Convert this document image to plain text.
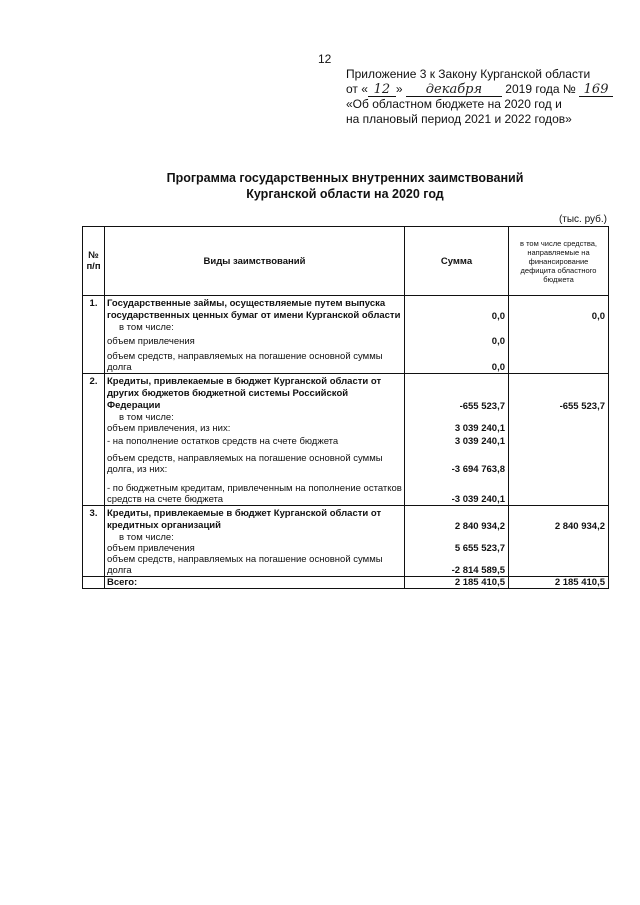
12
Приложение 3 к Закону Курганской области
от « 12 » декабря 2019 года № 169
«Об областном бюджете на 2020 год и
на плановый период 2021 и 2022 годов»
Программа государственных внутренних заимствований
Курганской области на 2020 год
(тыс. руб.)
№ п/п	Виды заимствований	Сумма	в том числе средства, направляемые на финансирование дефицита областного бюджета
1.	Государственные займы, осуществляемые путем выпуска государственных ценных бумаг от имени Курганской области	0,0	0,0
	в том числе:		
	объем привлечения	0,0	
	объем средств, направляемых на погашение основной суммы долга	0,0	
2.	Кредиты, привлекаемые в бюджет Курганской области от других бюджетов бюджетной системы Российской Федерации	-655 523,7	-655 523,7
	в том числе:		
	объем привлечения, из них:	3 039 240,1	
	- на пополнение остатков средств на счете бюджета	3 039 240,1	
	объем средств, направляемых на погашение основной суммы долга, из них:	-3 694 763,8	
	- по бюджетным кредитам, привлеченным на пополнение остатков средств на счете бюджета	-3 039 240,1	
3.	Кредиты, привлекаемые в бюджет Курганской области от кредитных организаций	2 840 934,2	2 840 934,2
	в том числе:		
	объем привлечения	5 655 523,7	
	объем средств, направляемых на погашение основной суммы долга	-2 814 589,5	
	Всего:	2 185 410,5	2 185 410,5
